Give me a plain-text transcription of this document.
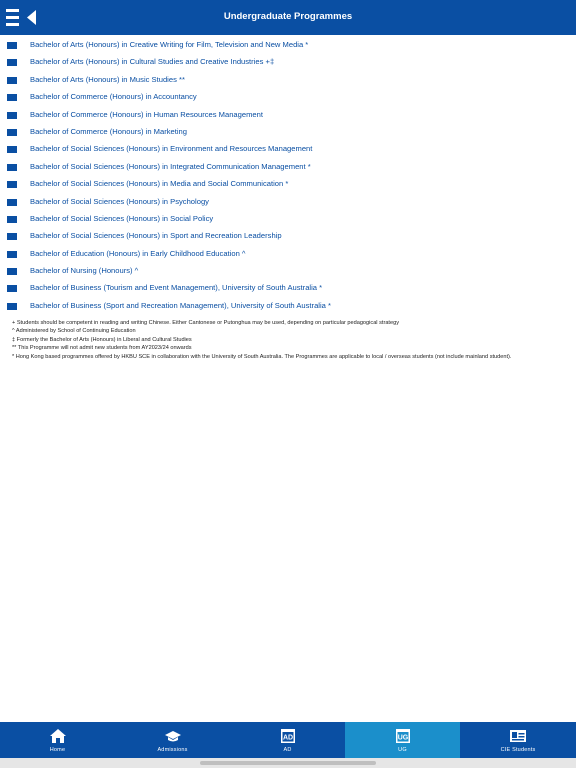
Undergraduate Programmes
Bachelor of Arts (Honours) in Creative Writing for Film, Television and New Media *
Bachelor of Arts (Honours) in Cultural Studies and Creative Industries +‡
Bachelor of Arts (Honours) in Music Studies **
Bachelor of Commerce (Honours) in Accountancy
Bachelor of Commerce (Honours) in Human Resources Management
Bachelor of Commerce (Honours) in Marketing
Bachelor of Social Sciences (Honours) in Environment and Resources Management
Bachelor of Social Sciences (Honours) in Integrated Communication Management *
Bachelor of Social Sciences (Honours) in Media and Social Communication *
Bachelor of Social Sciences (Honours) in Psychology
Bachelor of Social Sciences (Honours) in Social Policy
Bachelor of Social Sciences (Honours) in Sport and Recreation Leadership
Bachelor of Education (Honours) in Early Childhood Education ^
Bachelor of Nursing (Honours) ^
Bachelor of Business (Tourism and Event Management), University of South Australia *
Bachelor of Business (Sport and Recreation Management), University of South Australia *
+ Students should be competent in reading and writing Chinese. Either Cantonese or Putonghua may be used, depending on particular pedagogical strategy
^ Administered by School of Continuing Education
‡ Formerly the Bachelor of Arts (Honours) in Liberal and Cultural Studies
** This Programme will not admit new students from AY2023/24 onwards
* Hong Kong based programmes offered by HKBU SCE in collaboration with the University of South Australia. The Programmes are applicable to local / overseas students (not include mainland student).
Home	Admissions
AD
AD
UG
UG	CIE Students
